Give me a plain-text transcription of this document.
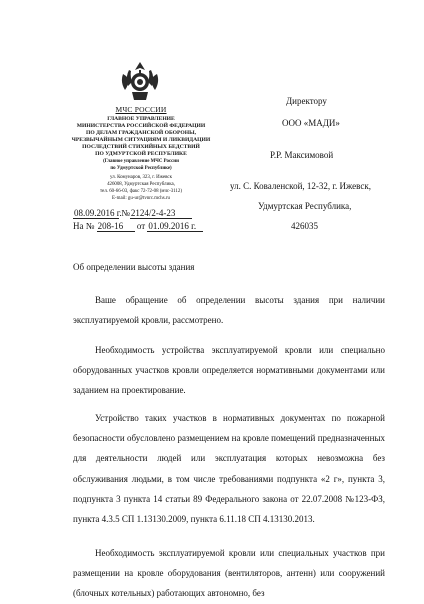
МЧС РОССИИ
ГЛАВНОЕ УПРАВЛЕНИЕ
МИНИСТЕРСТВА РОССИЙСКОЙ ФЕДЕРАЦИИ
ПО ДЕЛАМ ГРАЖДАНСКОЙ ОБОРОНЫ,
ЧРЕЗВЫЧАЙНЫМ СИТУАЦИЯМ И ЛИКВИДАЦИИ
ПОСЛЕДСТВИЙ СТИХИЙНЫХ БЕДСТВИЙ
ПО УДМУРТСКОЙ РЕСПУБЛИКЕ
(Главное управление МЧС России
по Удмуртской Республике)
ул. Комунаров, 323, г. Ижевск
426008, Удмуртская Республика,
тел. 60-66-03, факс 72-72-08 (мчс-3112)
E-mail: gu-ur@tvnrc.mchs.ru
08.09.2016 г. №2124/2-4-23
На № 208-16 от 01.09.2016 г.
Директору
ООО «МАДИ»
Р.Р. Максимовой
ул. С. Коваленской, 12-32, г. Ижевск,
Удмуртская Республика,
426035
Об определении высоты здания
Ваше обращение об определении высоты здания при наличии эксплуатируемой кровли, рассмотрено.
Необходимость устройства эксплуатируемой кровли или специально оборудованных участков кровли определяется нормативными документами или заданием на проектирование.
Устройство таких участков в нормативных документах по пожарной безопасности обусловлено размещением на кровле помещений предназначенных для деятельности людей или эксплуатация которых невозможна без обслуживания людьми, в том числе требованиями подпункта «2 г», пункта 3, подпункта 3 пункта 14 статьи 89 Федерального закона от 22.07.2008 №123-ФЗ, пункта 4.3.5 СП 1.13130.2009, пункта 6.11.18 СП 4.13130.2013.
Необходимость эксплуатируемой кровли или специальных участков при размещении на кровле оборудования (вентиляторов, антенн) или сооружений (блочных котельных) работающих автономно, без
